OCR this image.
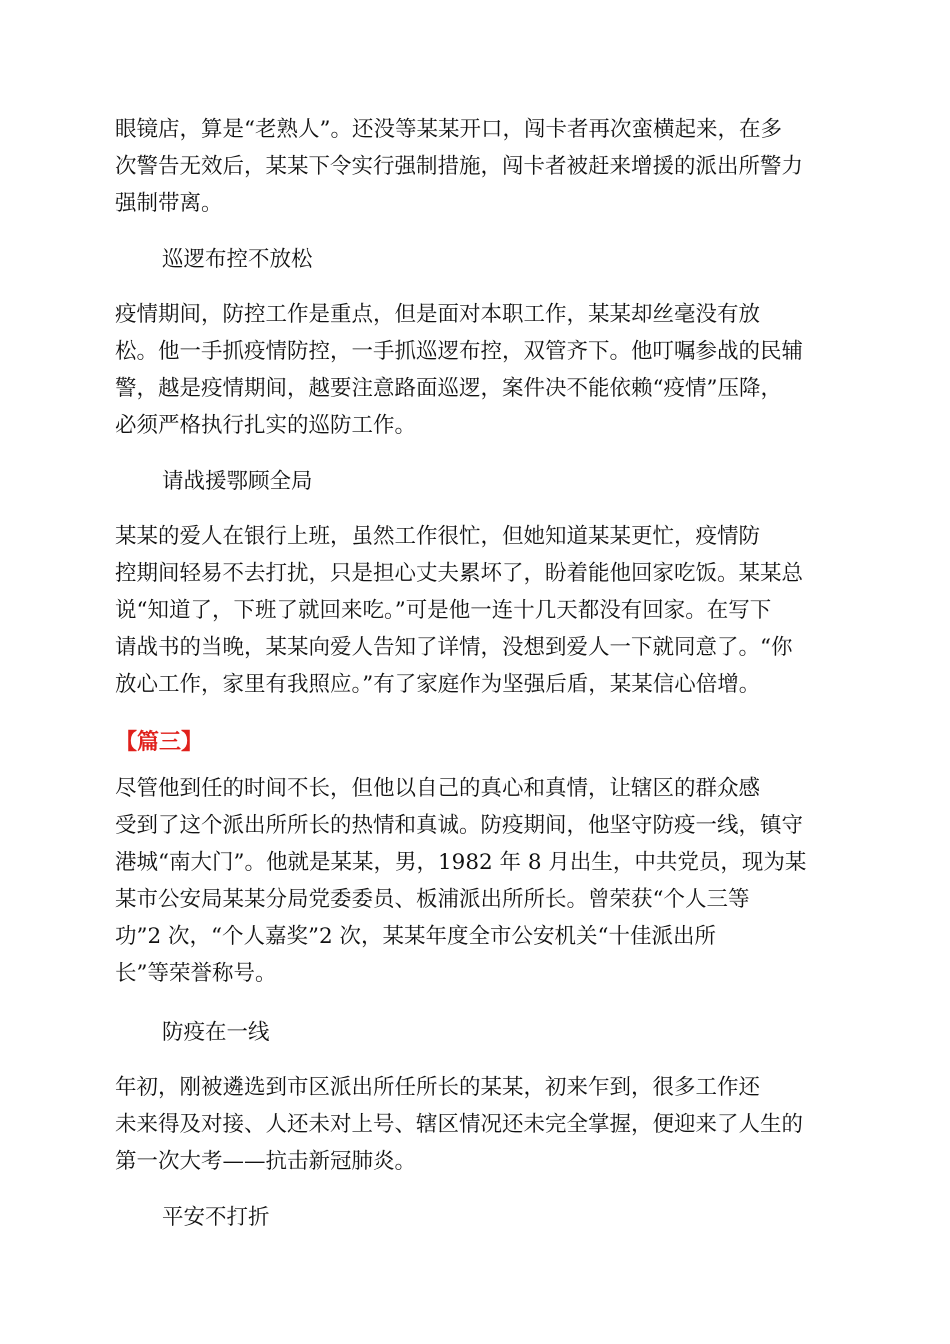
眼镜店，算是“老熟人”。还没等某某开口，闯卡者再次蛮横起来，在多
次警告无效后，某某下令实行强制措施，闯卡者被赶来增援的派出所警力
强制带离。
巡逻布控不放松
疫情期间，防控工作是重点，但是面对本职工作，某某却丝毫没有放
松。他一手抓疫情防控，一手抓巡逻布控，双管齐下。他叮嘱参战的民辅
警，越是疫情期间，越要注意路面巡逻，案件决不能依赖“疫情”压降，
必须严格执行扎实的巡防工作。
请战援鄂顾全局
某某的爱人在银行上班，虽然工作很忙，但她知道某某更忙，疫情防
控期间轻易不去打扰，只是担心丈夫累坏了，盼着能他回家吃饭。某某总
说“知道了，下班了就回来吃。”可是他一连十几天都没有回家。在写下
请战书的当晚，某某向爱人告知了详情，没想到爱人一下就同意了。“你
放心工作，家里有我照应。”有了家庭作为坚强后盾，某某信心倍增。
【篇三】
尽管他到任的时间不长，但他以自己的真心和真情，让辖区的群众感
受到了这个派出所所长的热情和真诚。防疫期间，他坚守防疫一线，镇守
港城“南大门”。他就是某某，男，1982 年 8 月出生，中共党员，现为某
某市公安局某某分局党委委员、板浦派出所所长。曾荣获“个人三等
功”2 次，“个人嘉奖”2 次，某某年度全市公安机关“十佳派出所
长”等荣誉称号。
防疫在一线
年初，刚被遴选到市区派出所任所长的某某，初来乍到，很多工作还
未来得及对接、人还未对上号、辖区情况还未完全掌握，便迎来了人生的
第一次大考——抗击新冠肺炎。
平安不打折
